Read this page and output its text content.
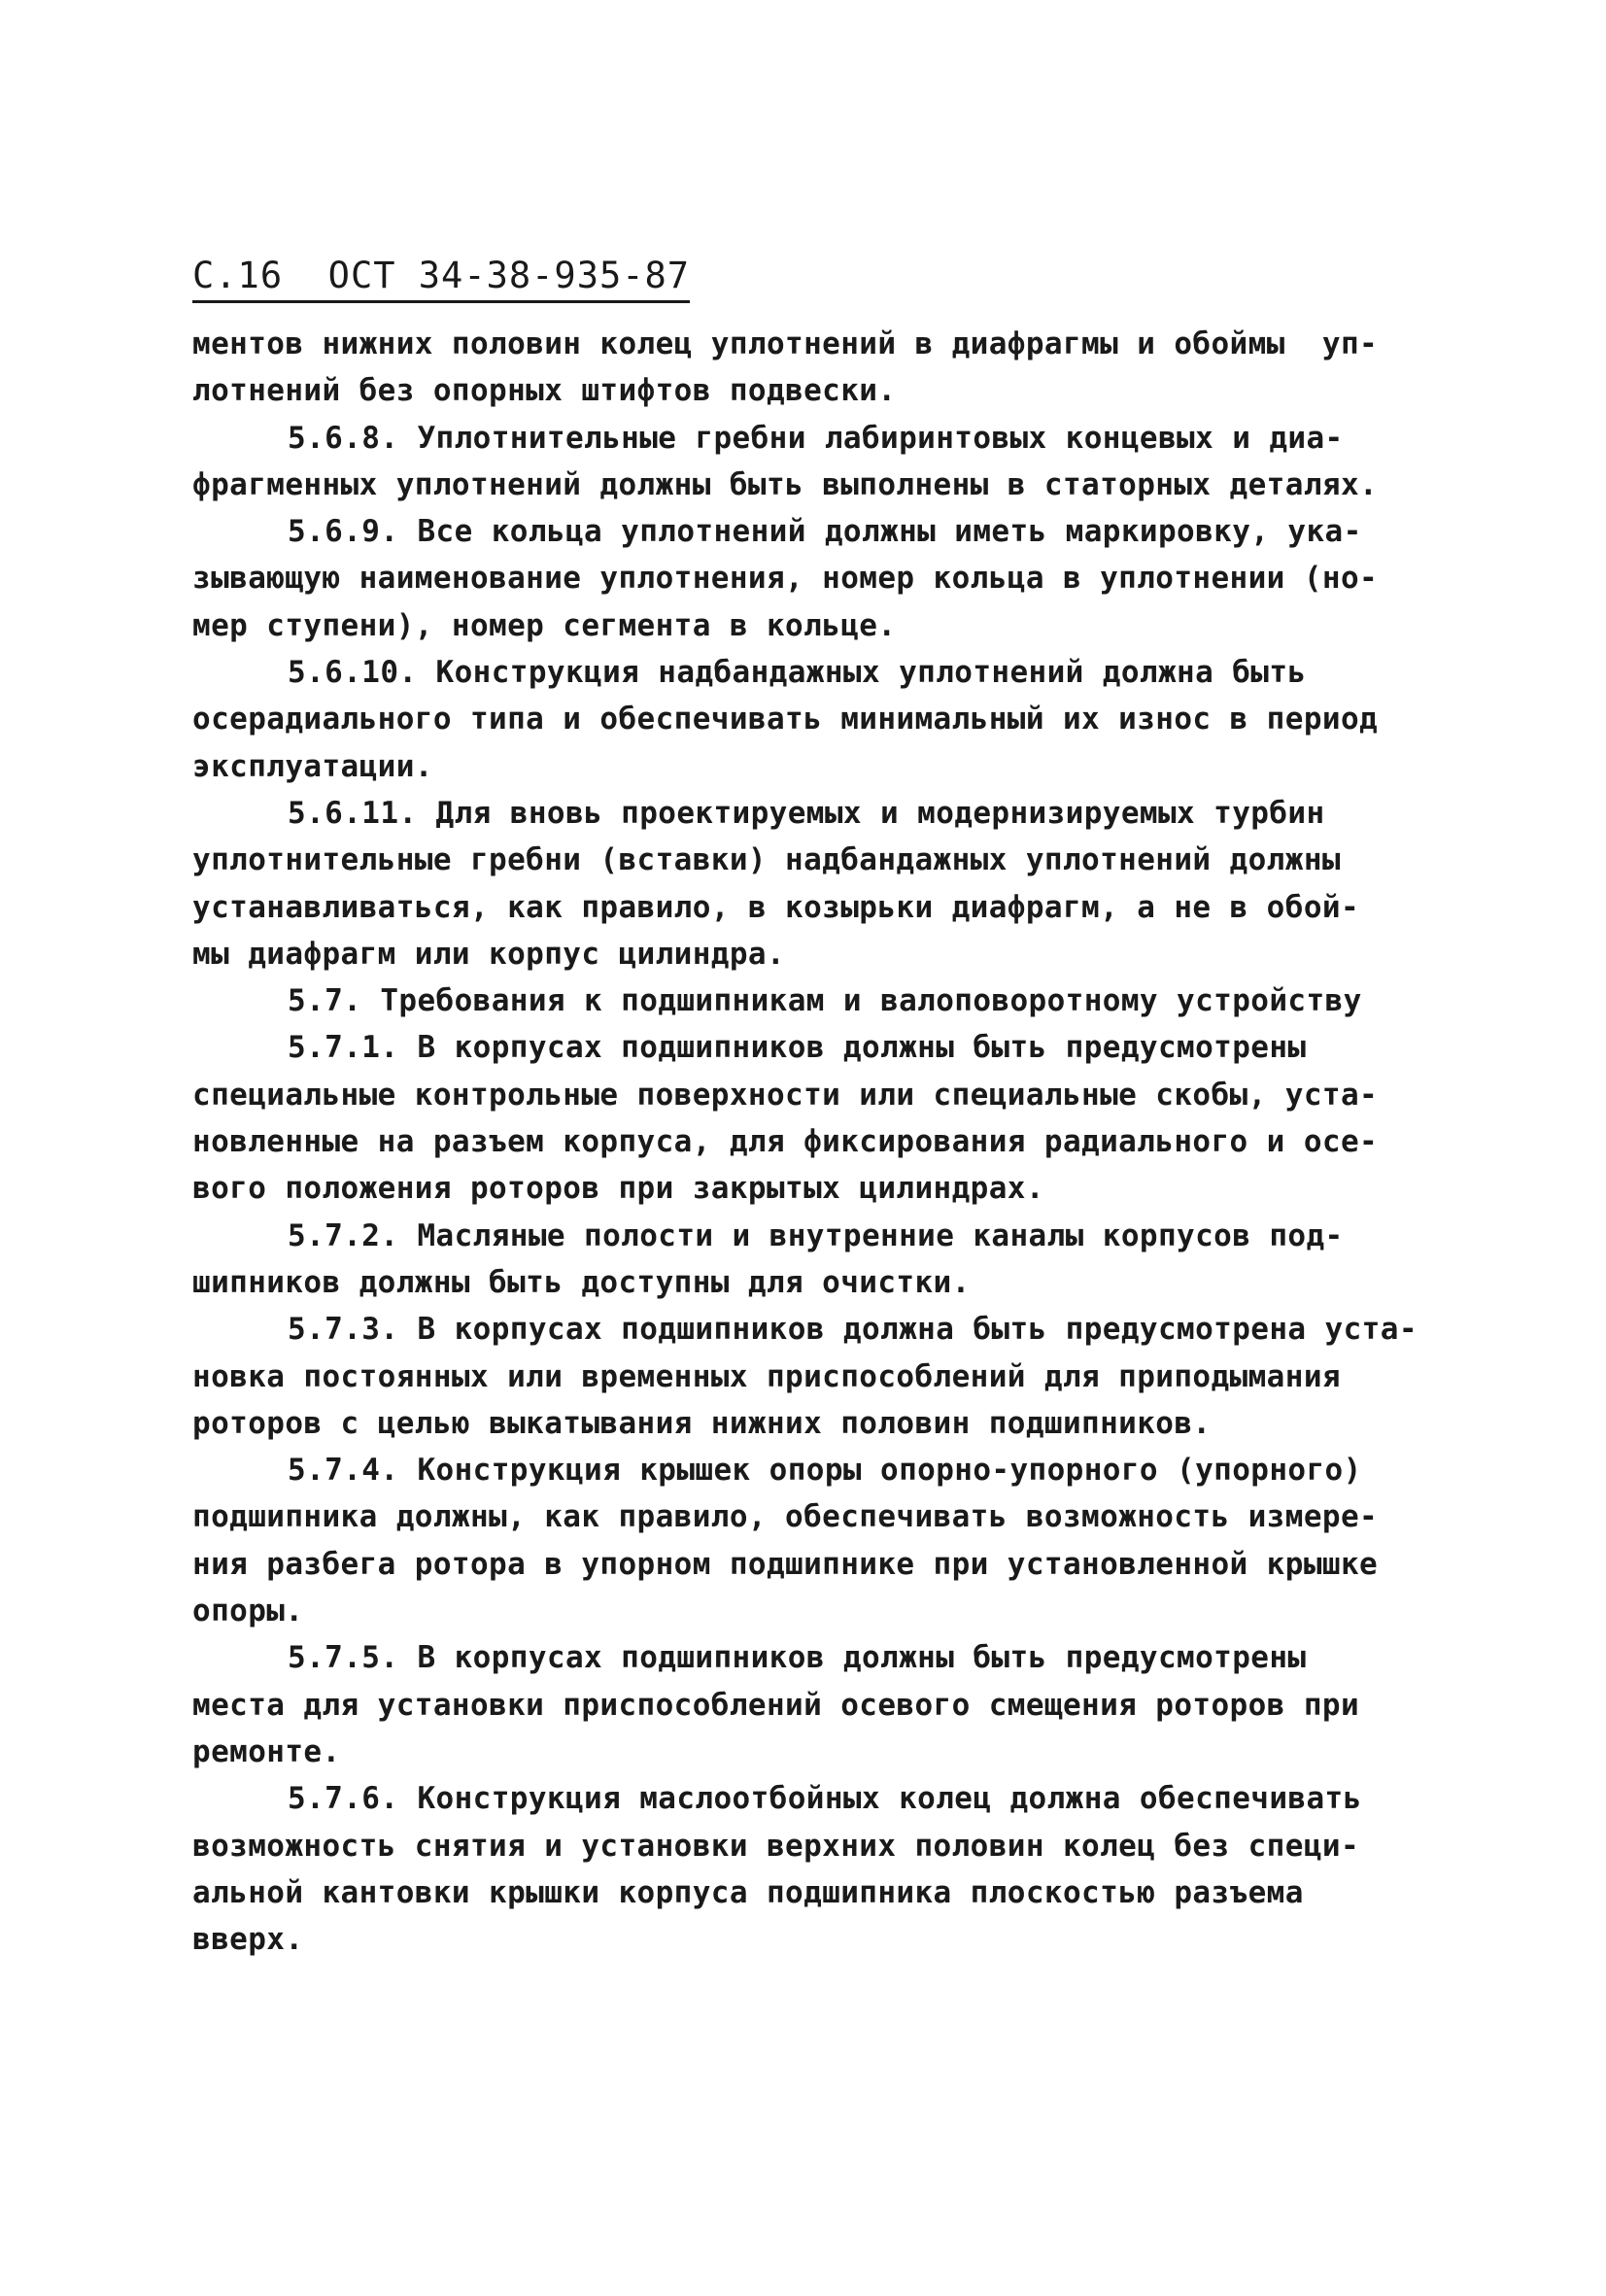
С.16 ОСТ 34-38-935-87
ментов нижних половин колец уплотнений в диафрагмы и обоймы  уп-
лотнений без опорных штифтов подвески.
5.6.8. Уплотнительные гребни лабиринтовых концевых и диа-
фрагменных уплотнений должны быть выполнены в статорных деталях.
5.6.9. Все кольца уплотнений должны иметь маркировку, ука-
зывающую наименование уплотнения, номер кольца в уплотнении (но-
мер ступени), номер сегмента в кольце.
5.6.10. Конструкция надбандажных уплотнений должна быть
осерадиального типа и обеспечивать минимальный их износ в период
эксплуатации.
5.6.11. Для вновь проектируемых и модернизируемых турбин
уплотнительные гребни (вставки) надбандажных уплотнений должны
устанавливаться, как правило, в козырьки диафрагм, а не в обой-
мы диафрагм или корпус цилиндра.
5.7. Требования к подшипникам и валоповоротному устройству
5.7.1. В корпусах подшипников должны быть предусмотрены
специальные контрольные поверхности или специальные скобы, уста-
новленные на разъем корпуса, для фиксирования радиального и осе-
вого положения роторов при закрытых цилиндрах.
5.7.2. Масляные полости и внутренние каналы корпусов под-
шипников должны быть доступны для очистки.
5.7.3. В корпусах подшипников должна быть предусмотрена уста-
новка постоянных или временных приспособлений для приподымания
роторов с целью выкатывания нижних половин подшипников.
5.7.4. Конструкция крышек опоры опорно-упорного (упорного)
подшипника должны, как правило, обеспечивать возможность измере-
ния разбега ротора в упорном подшипнике при установленной крышке
опоры.
5.7.5. В корпусах подшипников должны быть предусмотрены
места для установки приспособлений осевого смещения роторов при
ремонте.
5.7.6. Конструкция маслоотбойных колец должна обеспечивать
возможность снятия и установки верхних половин колец без специ-
альной кантовки крышки корпуса подшипника плоскостью разъема
вверх.
